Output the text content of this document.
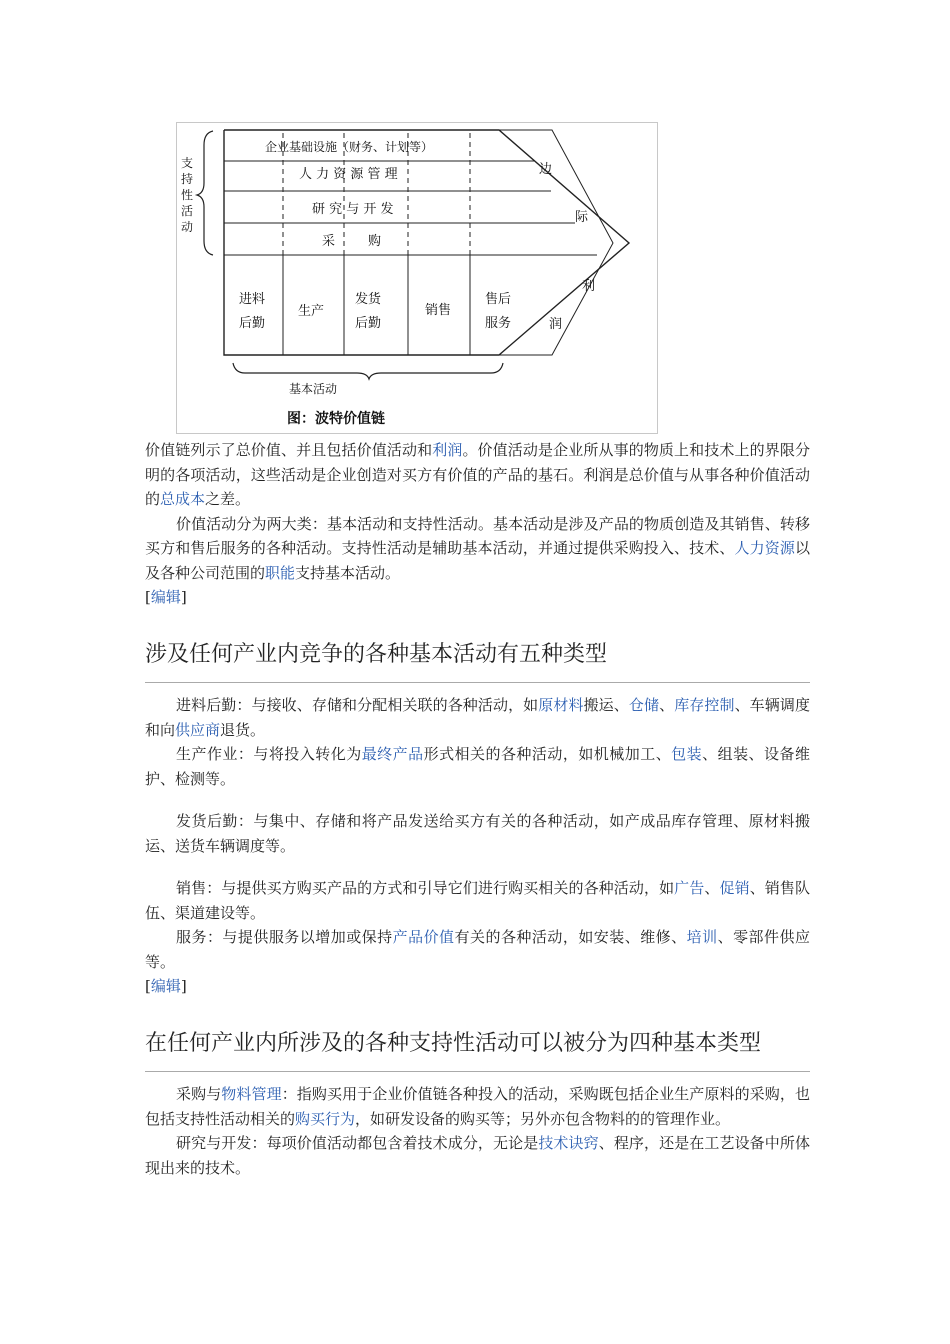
支 持 性 活 动
企业基础设施（财务、计划等）
人 力 资 源 管 理
研 究 与 开 发
采        购
进料
后勤
生产
发货
后勤
销售
售后
服务
边
际
利
润
基本活动
图：波特价值链

价值链列示了总价值、并且包括价值活动和利润。价值活动是企业所从事的物质上和技术上的界限分明的各项活动，这些活动是企业创造对买方有价值的产品的基石。利润是总价值与从事各种价值活动的总成本之差。

价值活动分为两大类：基本活动和支持性活动。基本活动是涉及产品的物质创造及其销售、转移买方和售后服务的各种活动。支持性活动是辅助基本活动，并通过提供采购投入、技术、人力资源以及各种公司范围的职能支持基本活动。

[编辑]
涉及任何产业内竞争的各种基本活动有五种类型

进料后勤：与接收、存储和分配相关联的各种活动，如原材料搬运、仓储、库存控制、车辆调度和向供应商退货。

生产作业：与将投入转化为最终产品形式相关的各种活动，如机械加工、包装、组装、设备维护、检测等。

发货后勤：与集中、存储和将产品发送给买方有关的各种活动，如产成品库存管理、原材料搬运、送货车辆调度等。

销售：与提供买方购买产品的方式和引导它们进行购买相关的各种活动，如广告、促销、销售队伍、渠道建设等。

服务：与提供服务以增加或保持产品价值有关的各种活动，如安装、维修、培训、零部件供应等。

[编辑]
在任何产业内所涉及的各种支持性活动可以被分为四种基本类型

采购与物料管理：指购买用于企业价值链各种投入的活动，采购既包括企业生产原料的采购，也包括支持性活动相关的购买行为，如研发设备的购买等；另外亦包含物料的的管理作业。

研究与开发：每项价值活动都包含着技术成分，无论是技术诀窍、程序，还是在工艺设备中所体现出来的技术。
